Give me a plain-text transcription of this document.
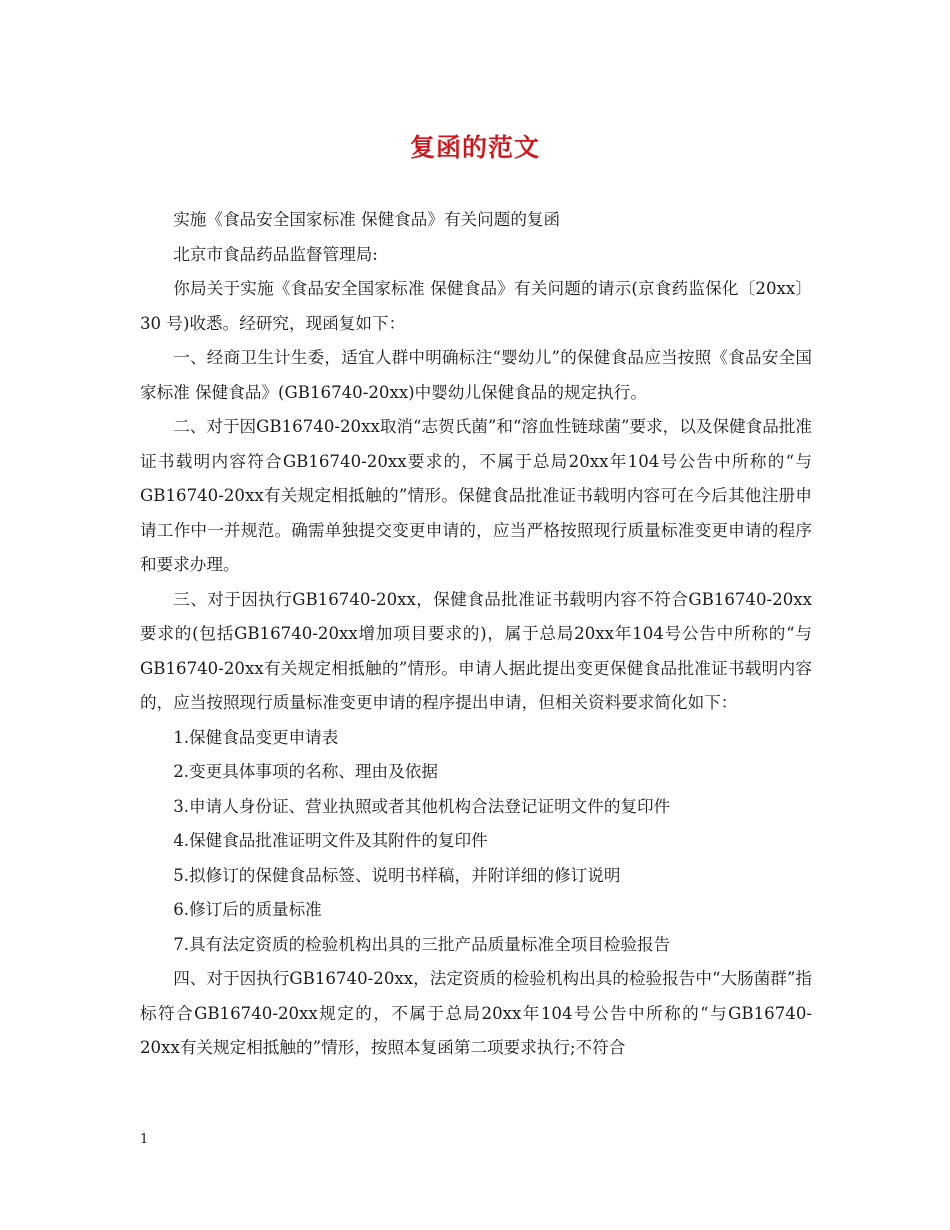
复函的范文

实施《食品安全国家标准 保健食品》有关问题的复函

北京市食品药品监督管理局:

你局关于实施《食品安全国家标准 保健食品》有关问题的请示(京食药监保化〔20xx〕 30 号)收悉。经研究，现函复如下：

一、经商卫生计生委，适宜人群中明确标注“婴幼儿”的保健食品应当按照《食品安全国家标准 保健食品》(GB16740-20xx)中婴幼儿保健食品的规定执行。

二、对于因GB16740-20xx取消“志贺氏菌”和“溶血性链球菌”要求，以及保健食品批准证书载明内容符合GB16740-20xx要求的，不属于总局20xx年104号公告中所称的“与GB16740-20xx有关规定相抵触的”情形。保健食品批准证书载明内容可在今后其他注册申请工作中一并规范。确需单独提交变更申请的，应当严格按照现行质量标准变更申请的程序和要求办理。

三、对于因执行GB16740-20xx，保健食品批准证书载明内容不符合GB16740-20xx要求的(包括GB16740-20xx增加项目要求的)，属于总局20xx年104号公告中所称的“与GB16740-20xx有关规定相抵触的”情形。申请人据此提出变更保健食品批准证书载明内容的，应当按照现行质量标准变更申请的程序提出申请，但相关资料要求简化如下：

1.保健食品变更申请表

2.变更具体事项的名称、理由及依据

3.申请人身份证、营业执照或者其他机构合法登记证明文件的复印件

4.保健食品批准证明文件及其附件的复印件

5.拟修订的保健食品标签、说明书样稿，并附详细的修订说明

6.修订后的质量标准

7.具有法定资质的检验机构出具的三批产品质量标准全项目检验报告

四、对于因执行GB16740-20xx，法定资质的检验机构出具的检验报告中“大肠菌群”指标符合GB16740-20xx规定的，不属于总局20xx年104号公告中所称的“与GB16740-20xx有关规定相抵触的”情形，按照本复函第二项要求执行;不符合

1
